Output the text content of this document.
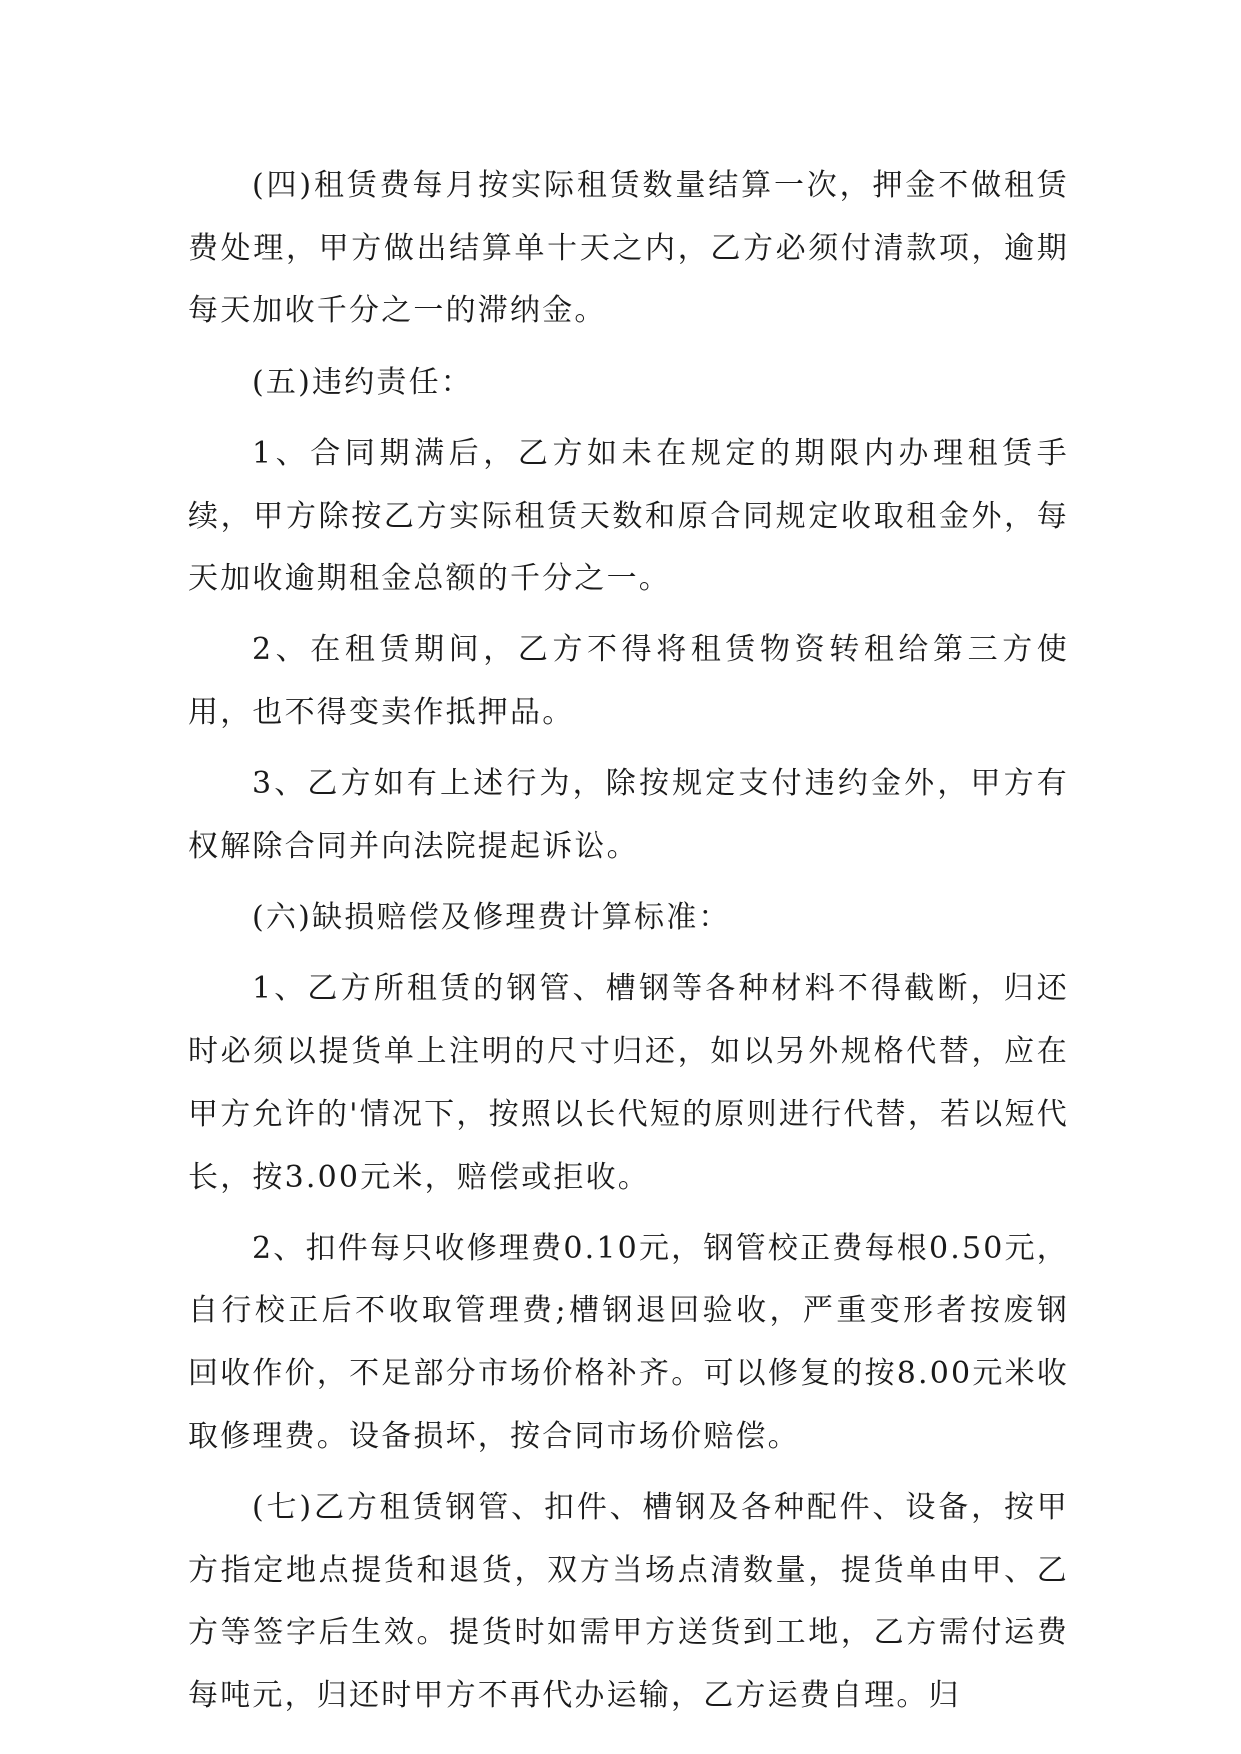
(四)租赁费每月按实际租赁数量结算一次，押金不做租赁费处理，甲方做出结算单十天之内，乙方必须付清款项，逾期每天加收千分之一的滞纳金。

(五)违约责任：

1、合同期满后，乙方如未在规定的期限内办理租赁手续，甲方除按乙方实际租赁天数和原合同规定收取租金外，每天加收逾期租金总额的千分之一。

2、在租赁期间，乙方不得将租赁物资转租给第三方使用，也不得变卖作抵押品。

3、乙方如有上述行为，除按规定支付违约金外，甲方有权解除合同并向法院提起诉讼。

(六)缺损赔偿及修理费计算标准：

1、乙方所租赁的钢管、槽钢等各种材料不得截断，归还时必须以提货单上注明的尺寸归还，如以另外规格代替，应在甲方允许的'情况下，按照以长代短的原则进行代替，若以短代长，按3.00元米，赔偿或拒收。

2、扣件每只收修理费0.10元，钢管校正费每根0.50元，自行校正后不收取管理费;槽钢退回验收，严重变形者按废钢回收作价，不足部分市场价格补齐。可以修复的按8.00元米收取修理费。设备损坏，按合同市场价赔偿。

(七)乙方租赁钢管、扣件、槽钢及各种配件、设备，按甲方指定地点提货和退货，双方当场点清数量，提货单由甲、乙方等签字后生效。提货时如需甲方送货到工地，乙方需付运费每吨元，归还时甲方不再代办运输，乙方运费自理。归
